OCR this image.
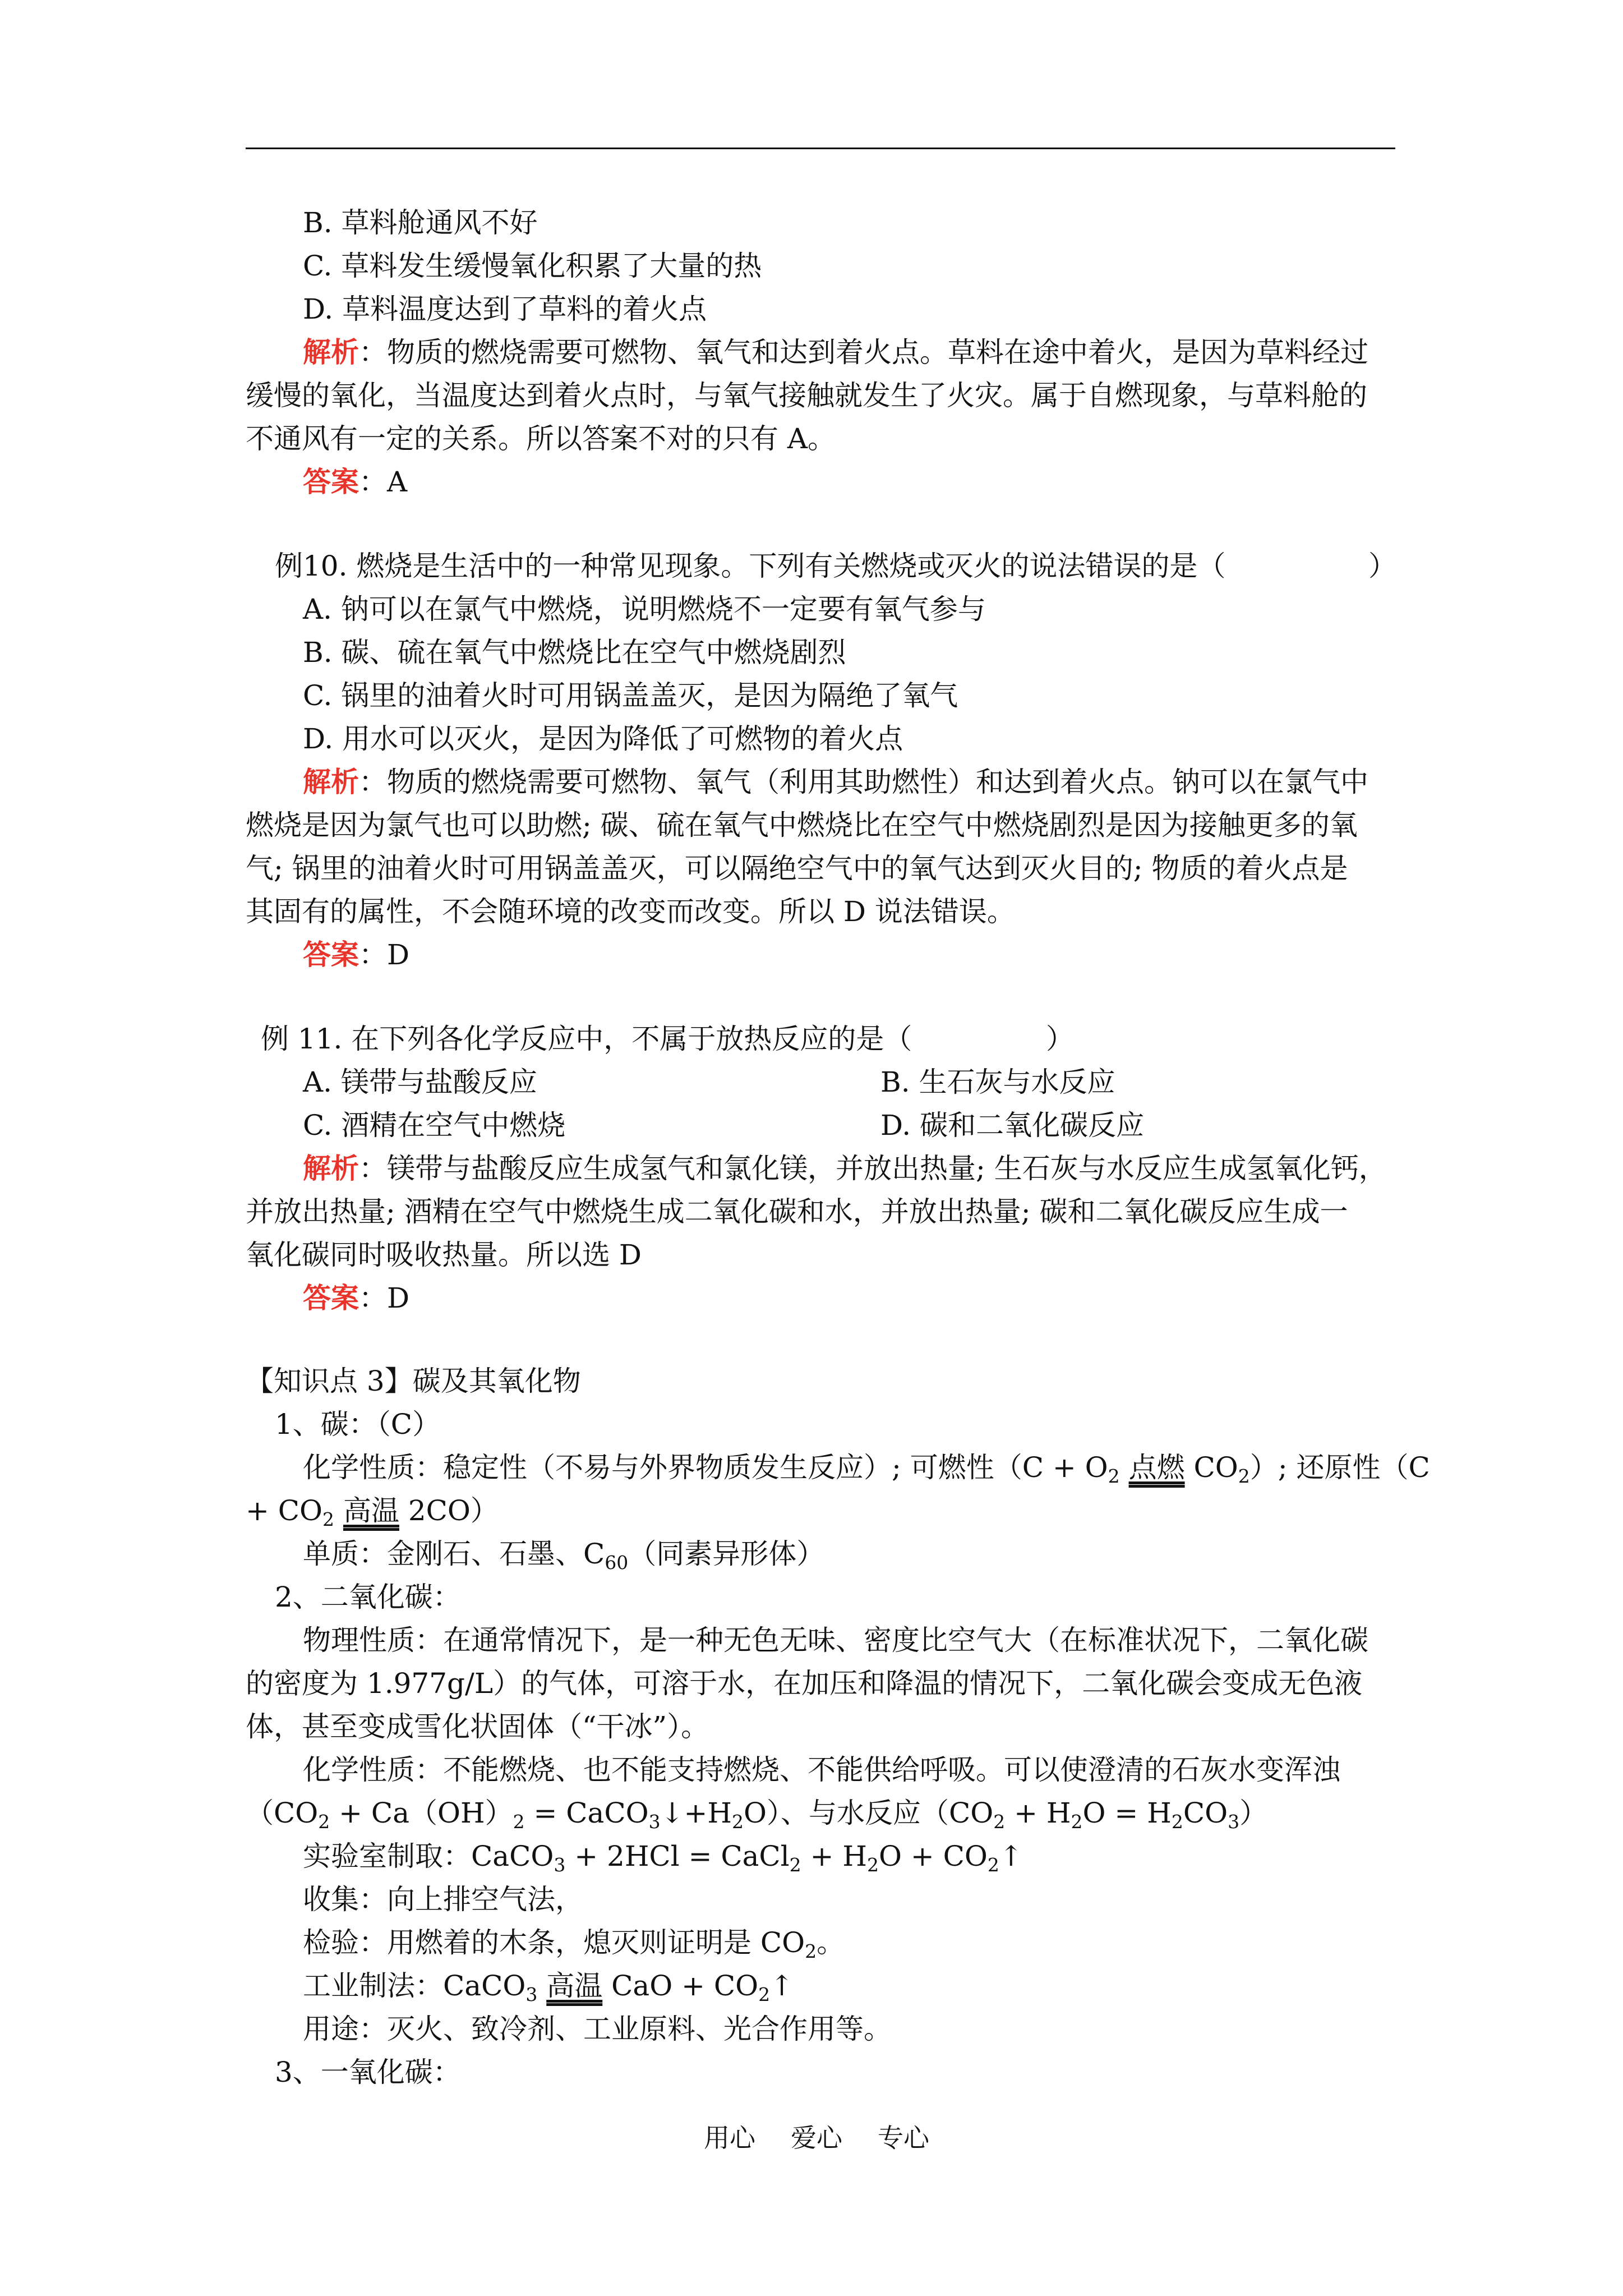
B. 草料舱通风不好
C. 草料发生缓慢氧化积累了大量的热
D. 草料温度达到了草料的着火点
解析：物质的燃烧需要可燃物、氧气和达到着火点。草料在途中着火，是因为草料经过
缓慢的氧化，当温度达到着火点时，与氧气接触就发生了火灾。属于自燃现象，与草料舱的
不通风有一定的关系。所以答案不对的只有 A。
答案：A
例10. 燃烧是生活中的一种常见现象。下列有关燃烧或灭火的说法错误的是（	）
A. 钠可以在氯气中燃烧，说明燃烧不一定要有氧气参与
B. 碳、硫在氧气中燃烧比在空气中燃烧剧烈
C. 锅里的油着火时可用锅盖盖灭，是因为隔绝了氧气
D. 用水可以灭火，是因为降低了可燃物的着火点
解析：物质的燃烧需要可燃物、氧气（利用其助燃性）和达到着火点。钠可以在氯气中
燃烧是因为氯气也可以助燃; 碳、硫在氧气中燃烧比在空气中燃烧剧烈是因为接触更多的氧
气; 锅里的油着火时可用锅盖盖灭，可以隔绝空气中的氧气达到灭火目的; 物质的着火点是
其固有的属性，不会随环境的改变而改变。所以 D 说法错误。
答案：D
例 11. 在下列各化学反应中，不属于放热反应的是（	）
A. 镁带与盐酸反应	B. 生石灰与水反应
C. 酒精在空气中燃烧	D. 碳和二氧化碳反应
解析：镁带与盐酸反应生成氢气和氯化镁，并放出热量; 生石灰与水反应生成氢氧化钙，
并放出热量; 酒精在空气中燃烧生成二氧化碳和水，并放出热量; 碳和二氧化碳反应生成一
氧化碳同时吸收热量。所以选 D
答案：D
【知识点 3】碳及其氧化物
1、碳：（C）
化学性质：稳定性（不易与外界物质发生反应）; 可燃性（$C + O_2$ 点燃 $CO_2$）; 还原性（C
+ $CO_2$ 高温 2CO）
单质：金刚石、石墨、$C_{60}$（同素异形体）
2、二氧化碳：
物理性质：在通常情况下，是一种无色无味、密度比空气大（在标准状况下，二氧化碳
的密度为 1.977g/L）的气体，可溶于水，在加压和降温的情况下，二氧化碳会变成无色液
体，甚至变成雪化状固体（“干冰”）。
化学性质：不能燃烧、也不能支持燃烧、不能供给呼吸。可以使澄清的石灰水变浑浊
（$CO_2 + Ca(OH)_2$ = $CaCO_3↓+H_2O$）、与水反应$(CO_2 + H_2O = H_2CO_3)$
实验室制取：CaCO$_3$ + 2HCl = CaCl$_2$ + $H_2O$ + $CO_2↑$
收集：向上排空气法，
检验：用燃着的木条，熄灭则证明是 $CO_2$。
工业制法：CaCO$_3$ 高温 CaO + $CO_2↑$
用途：灭火、致冷剂、工业原料、光合作用等。
3、一氧化碳：
用心 爱心 专心
